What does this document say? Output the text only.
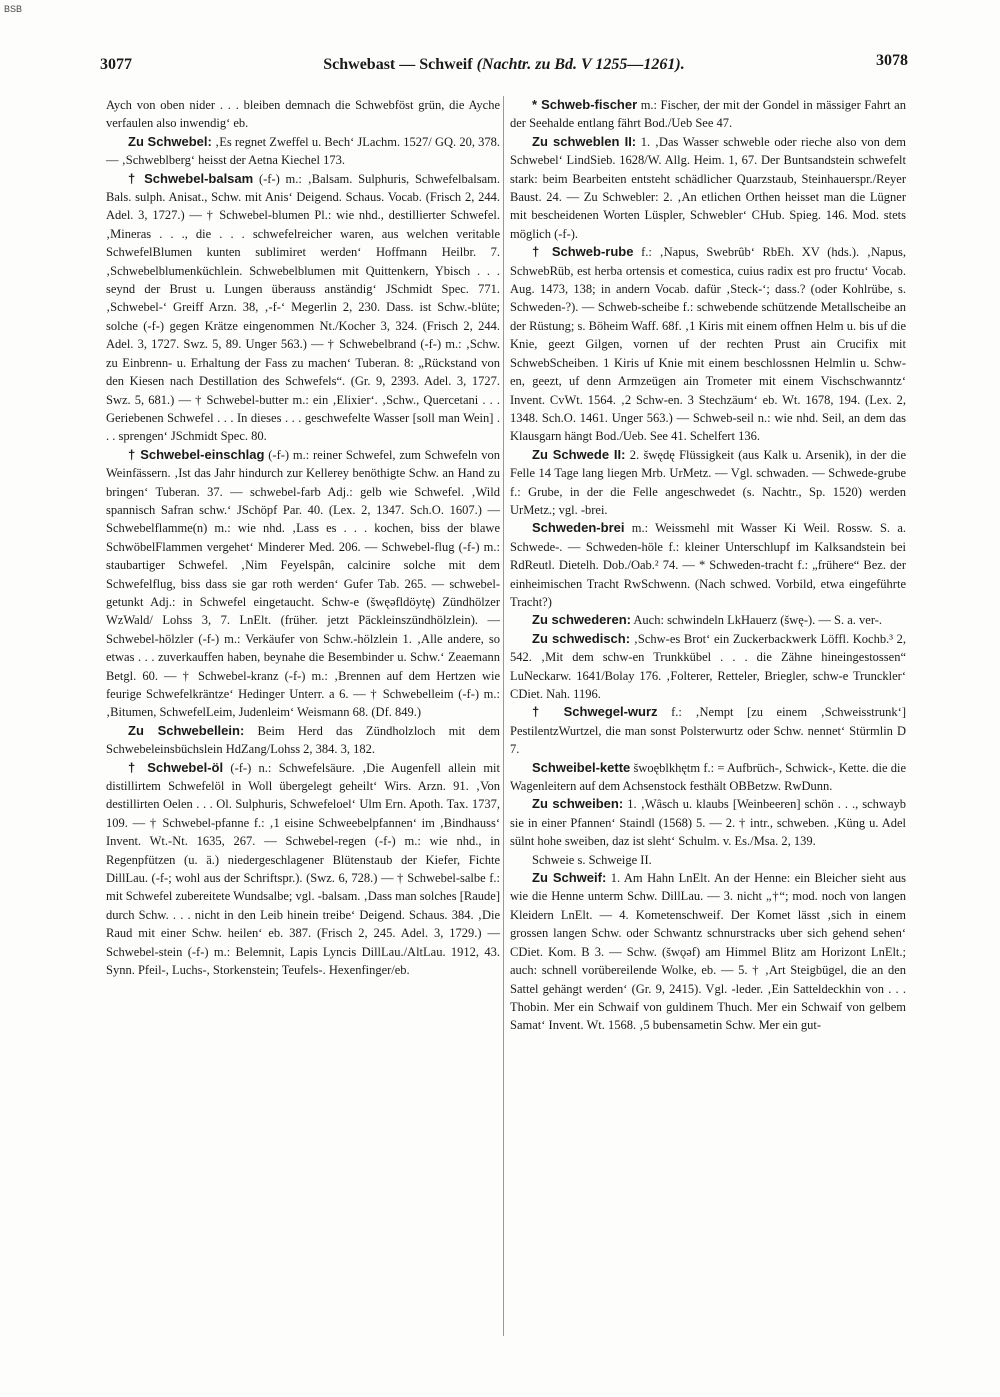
BSB
3077	Schwebast — Schweif (Nachtr. zu Bd. V 1255—1261).	3078

Aych von oben nider . . . bleiben demnach die Schwebföst grün, die Ayche verfaulen also inwendig‘ eb.

Zu Schwebel: ‚Es regnet Zweffel u. Bech‘ JLachm. 1527/ GQ. 20, 378. — ‚Schweblberg‘ heisst der Aetna Kiechel 173.

† Schwebel-balsam (-f-) m.: ‚Balsam. Sulphuris, Schwefelbalsam. Bals. sulph. Anisat., Schw. mit Anis‘ Deigend. Schaus. Vocab. (Frisch 2, 244. Adel. 3, 1727.) — † Schwebel-blumen Pl.: wie nhd., destillierter Schwefel. ‚Mineras . . ., die . . . schwefelreicher waren, aus welchen veritable SchwefelBlumen kunten sublimiret werden‘ Hoffmann Heilbr. 7. ‚Schwebelblumenküchlein. Schwebelblumen mit Quittenkern, Ybisch . . . seynd der Brust u. Lungen überauss anständig‘ JSchmidt Spec. 771. ‚Schwebel-‘ Greiff Arzn. 38, ‚-f-‘ Megerlin 2, 230. Dass. ist Schw.-blüte; solche (-f-) gegen Krätze eingenommen Nt./Kocher 3, 324. (Frisch 2, 244. Adel. 3, 1727. Swz. 5, 89. Unger 563.) — † Schwebelbrand (-f-) m.: ‚Schw. zu Einbrenn- u. Erhaltung der Fass zu machen‘ Tuberan. 8: „Rückstand von den Kiesen nach Destillation des Schwefels“. (Gr. 9, 2393. Adel. 3, 1727. Swz. 5, 681.) — † Schwebel-butter m.: ein ‚Elixier‘. ‚Schw., Quercetani . . . Geriebenen Schwefel . . . In dieses . . . geschwefelte Wasser [soll man Wein] . . . sprengen‘ JSchmidt Spec. 80.

† Schwebel-einschlag (-f-) m.: reiner Schwefel, zum Schwefeln von Weinfässern. ‚Ist das Jahr hindurch zur Kellerey benöthigte Schw. an Hand zu bringen‘ Tuberan. 37. — schwebel-farb Adj.: gelb wie Schwefel. ‚Wild spannisch Safran schw.‘ JSchöpf Par. 40. (Lex. 2, 1347. Sch.O. 1607.) — Schwebelflamme(n) m.: wie nhd. ‚Lass es . . . kochen, biss der blawe SchwöbelFlammen vergehet‘ Minderer Med. 206. — Schwebel-flug (-f-) m.: staubartiger Schwefel. ‚Nim Feyelspân, calcinire solche mit dem Schwefelflug, biss dass sie gar roth werden‘ Gufer Tab. 265. — schwebel-getunkt Adj.: in Schwefel eingetaucht. Schw-e (šwęəfldöytę) Zündhölzer WzWald/ Lohss 3, 7. LnElt. (früher. jetzt Päckleinszündhölzlein). — Schwebel-hölzler (-f-) m.: Verkäufer von Schw.-hölzlein 1. ‚Alle andere, so etwas . . . zuverkauffen haben, beynahe die Besembinder u. Schw.‘ Zeaemann Betgl. 60. — † Schwebel-kranz (-f-) m.: ‚Brennen auf dem Hertzen wie feurige Schwefelkräntze‘ Hedinger Unterr. a 6. — † Schwebelleim (-f-) m.: ‚Bitumen, SchwefelLeim, Judenleim‘ Weismann 68. (Df. 849.)

Zu Schwebellein: Beim Herd das Zündholzloch mit dem Schwebeleinsbüchslein HdZang/Lohss 2, 384. 3, 182.

† Schwebel-öl (-f-) n.: Schwefelsäure. ‚Die Augenfell allein mit distillirtem Schwefelöl in Woll übergelegt geheilt‘ Wirs. Arzn. 91. ‚Von destillirten Oelen . . . Ol. Sulphuris, Schwefeloel‘ Ulm Ern. Apoth. Tax. 1737, 109. — † Schwebel-pfanne f.: ‚1 eisine Schweebelpfannen‘ im ‚Bindhauss‘ Invent. Wt.-Nt. 1635, 267. — Schwebel-regen (-f-) m.: wie nhd., in Regenpfützen (u. ä.) niedergeschlagener Blütenstaub der Kiefer, Fichte DillLau. (-f-; wohl aus der Schriftspr.). (Swz. 6, 728.) — † Schwebel-salbe f.: mit Schwefel zubereitete Wundsalbe; vgl. -balsam. ‚Dass man solches [Raude] durch Schw. . . . nicht in den Leib hinein treibe‘ Deigend. Schaus. 384. ‚Die Raud mit einer Schw. heilen‘ eb. 387. (Frisch 2, 245. Adel. 3, 1729.) — Schwebel-stein (-f-) m.: Belemnit, Lapis Lyncis DillLau./AltLau. 1912, 43. Synn. Pfeil-, Luchs-, Storkenstein; Teufels-. Hexenfinger/eb.

* Schweb-fischer m.: Fischer, der mit der Gondel in mässiger Fahrt an der Seehalde entlang fährt Bod./Ueb See 47.

Zu schweblen II: 1. ‚Das Wasser schweble oder rieche also von dem Schwebel‘ LindSieb. 1628/W. Allg. Heim. 1, 67. Der Buntsandstein schwefelt stark: beim Bearbeiten entsteht schädlicher Quarzstaub, Steinhauerspr./Reyer Baust. 24. — Zu Schwebler: 2. ‚An etlichen Orthen heisset man die Lügner mit bescheidenen Worten Lüspler, Schwebler‘ CHub. Spieg. 146. Mod. stets möglich (-f-).

† Schweb-rube f.: ‚Napus, Swebrûb‘ RbEh. XV (hds.). ‚Napus, SchwebRüb, est herba ortensis et comestica, cuius radix est pro fructu‘ Vocab. Aug. 1473, 138; in andern Vocab. dafür ‚Steck-‘; dass.? (oder Kohlrübe, s. Schweden-?). — Schweb-scheibe f.: schwebende schützende Metallscheibe an der Rüstung; s. Böheim Waff. 68f. ‚1 Kiris mit einem offnen Helm u. bis uf die Knie, geezt Gilgen, vornen uf der rechten Prust ain Crucifix mit SchwebScheiben. 1 Kiris uf Knie mit einem beschlossnen Helmlin u. Schw-en, geezt, uf denn Armzeügen ain Trometer mit einem Vischschwanntz‘ Invent. CvWt. 1564. ‚2 Schw-en. 3 Stechzäum‘ eb. Wt. 1678, 194. (Lex. 2, 1348. Sch.O. 1461. Unger 563.) — Schweb-seil n.: wie nhd. Seil, an dem das Klausgarn hängt Bod./Ueb. See 41. Schelfert 136.

Zu Schwede II: 2. šwędę Flüssigkeit (aus Kalk u. Arsenik), in der die Felle 14 Tage lang liegen Mrb. UrMetz. — Vgl. schwaden. — Schwede-grube f.: Grube, in der die Felle angeschwedet (s. Nachtr., Sp. 1520) werden UrMetz.; vgl. -brei.

Schweden-brei m.: Weissmehl mit Wasser Ki Weil. Rossw. S. a. Schwede-. — Schweden-höle f.: kleiner Unterschlupf im Kalksandstein bei RdReutl. Dietelh. Dob./Oab.² 74. — * Schweden-tracht f.: „frühere“ Bez. der einheimischen Tracht RwSchwenn. (Nach schwed. Vorbild, etwa eingeführte Tracht?)

Zu schwederen: Auch: schwindeln LkHauerz (šwę-). — S. a. ver-.

Zu schwedisch: ‚Schw-es Brot‘ ein Zuckerbackwerk Löffl. Kochb.³ 2, 542. ‚Mit dem schw-en Trunkkübel . . . die Zähne hineingestossen“ LuNeckarw. 1641/Bolay 176. ‚Folterer, Retteler, Briegler, schw-e Trunckler‘ CDiet. Nah. 1196.

† Schwegel-wurz f.: ‚Nempt [zu einem ‚Schweisstrunk‘] PestilentzWurtzel, die man sonst Polsterwurtz oder Schw. nennet‘ Stürmlin D 7.

Schweibel-kette šwoęblkhętm f.: = Aufbrüch-, Schwick-, Kette. die die Wagenleitern auf dem Achsenstock festhält OBBetzw. RwDunn.

Zu schweiben: 1. ‚Wâsch u. klaubs [Weinbeeren] schön . . ., schwayb sie in einer Pfannen‘ Staindl (1568) 5. — 2. † intr., schweben. ‚Küng u. Adel sülnt hohe sweiben, daz ist sleht‘ Schulm. v. Es./Msa. 2, 139.

Schweie s. Schweige II.

Zu Schweif: 1. Am Hahn LnElt. An der Henne: ein Bleicher sieht aus wie die Henne unterm Schw. DillLau. — 3. nicht „†“; mod. noch von langen Kleidern LnElt. — 4. Kometenschweif. Der Komet lässt ‚sich in einem grossen langen Schw. oder Schwantz schnurstracks uber sich gehend sehen‘ CDiet. Kom. B 3. — Schw. (šwǫəf) am Himmel Blitz am Horizont LnElt.; auch: schnell vorübereilende Wolke, eb. — 5. † ‚Art Steigbügel, die an den Sattel gehängt werden‘ (Gr. 9, 2415). Vgl. -leder. ‚Ein Satteldeckhin von . . . Thobin. Mer ein Schwaif von guldinem Thuch. Mer ein Schwaif von gelbem Samat‘ Invent. Wt. 1568. ‚5 bubensametin Schw. Mer ein gut-
